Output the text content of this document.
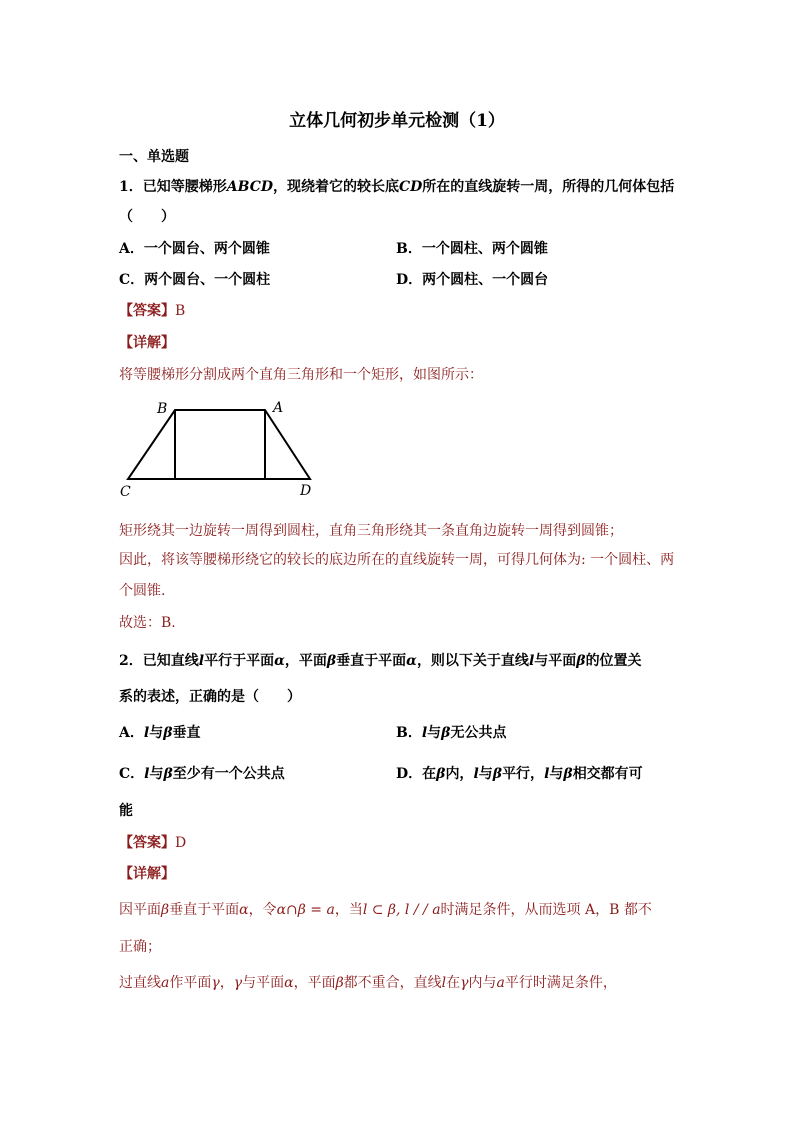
立体几何初步单元检测（1）
一、单选题
1．已知等腰梯形ABCD，现绕着它的较长底CD所在的直线旋转一周，所得的几何体包括
（　　）
A．一个圆台、两个圆锥	B．一个圆柱、两个圆锥
C．两个圆台、一个圆柱	D．两个圆柱、一个圆台
【答案】B
【详解】
将等腰梯形分割成两个直角三角形和一个矩形，如图所示：
B	A
C	D
矩形绕其一边旋转一周得到圆柱，直角三角形绕其一条直角边旋转一周得到圆锥；
因此，将该等腰梯形绕它的较长的底边所在的直线旋转一周，可得几何体为: 一个圆柱、两
个圆锥.
故选：B.
2．已知直线l平行于平面α，平面β垂直于平面α，则以下关于直线l与平面β的位置关
系的表述，正确的是（　　）
A．l与β垂直	B．l与β无公共点
C．l与β至少有一个公共点	D．在β内，l与β平行，l与β相交都有可
能
【答案】D
【详解】
因平面β垂直于平面α，令α∩β = a，当l ⊂ β, l / / a时满足条件，从而选项 A，B 都不
正确；
过直线a作平面γ，γ与平面α，平面β都不重合，直线l在γ内与a平行时满足条件，
